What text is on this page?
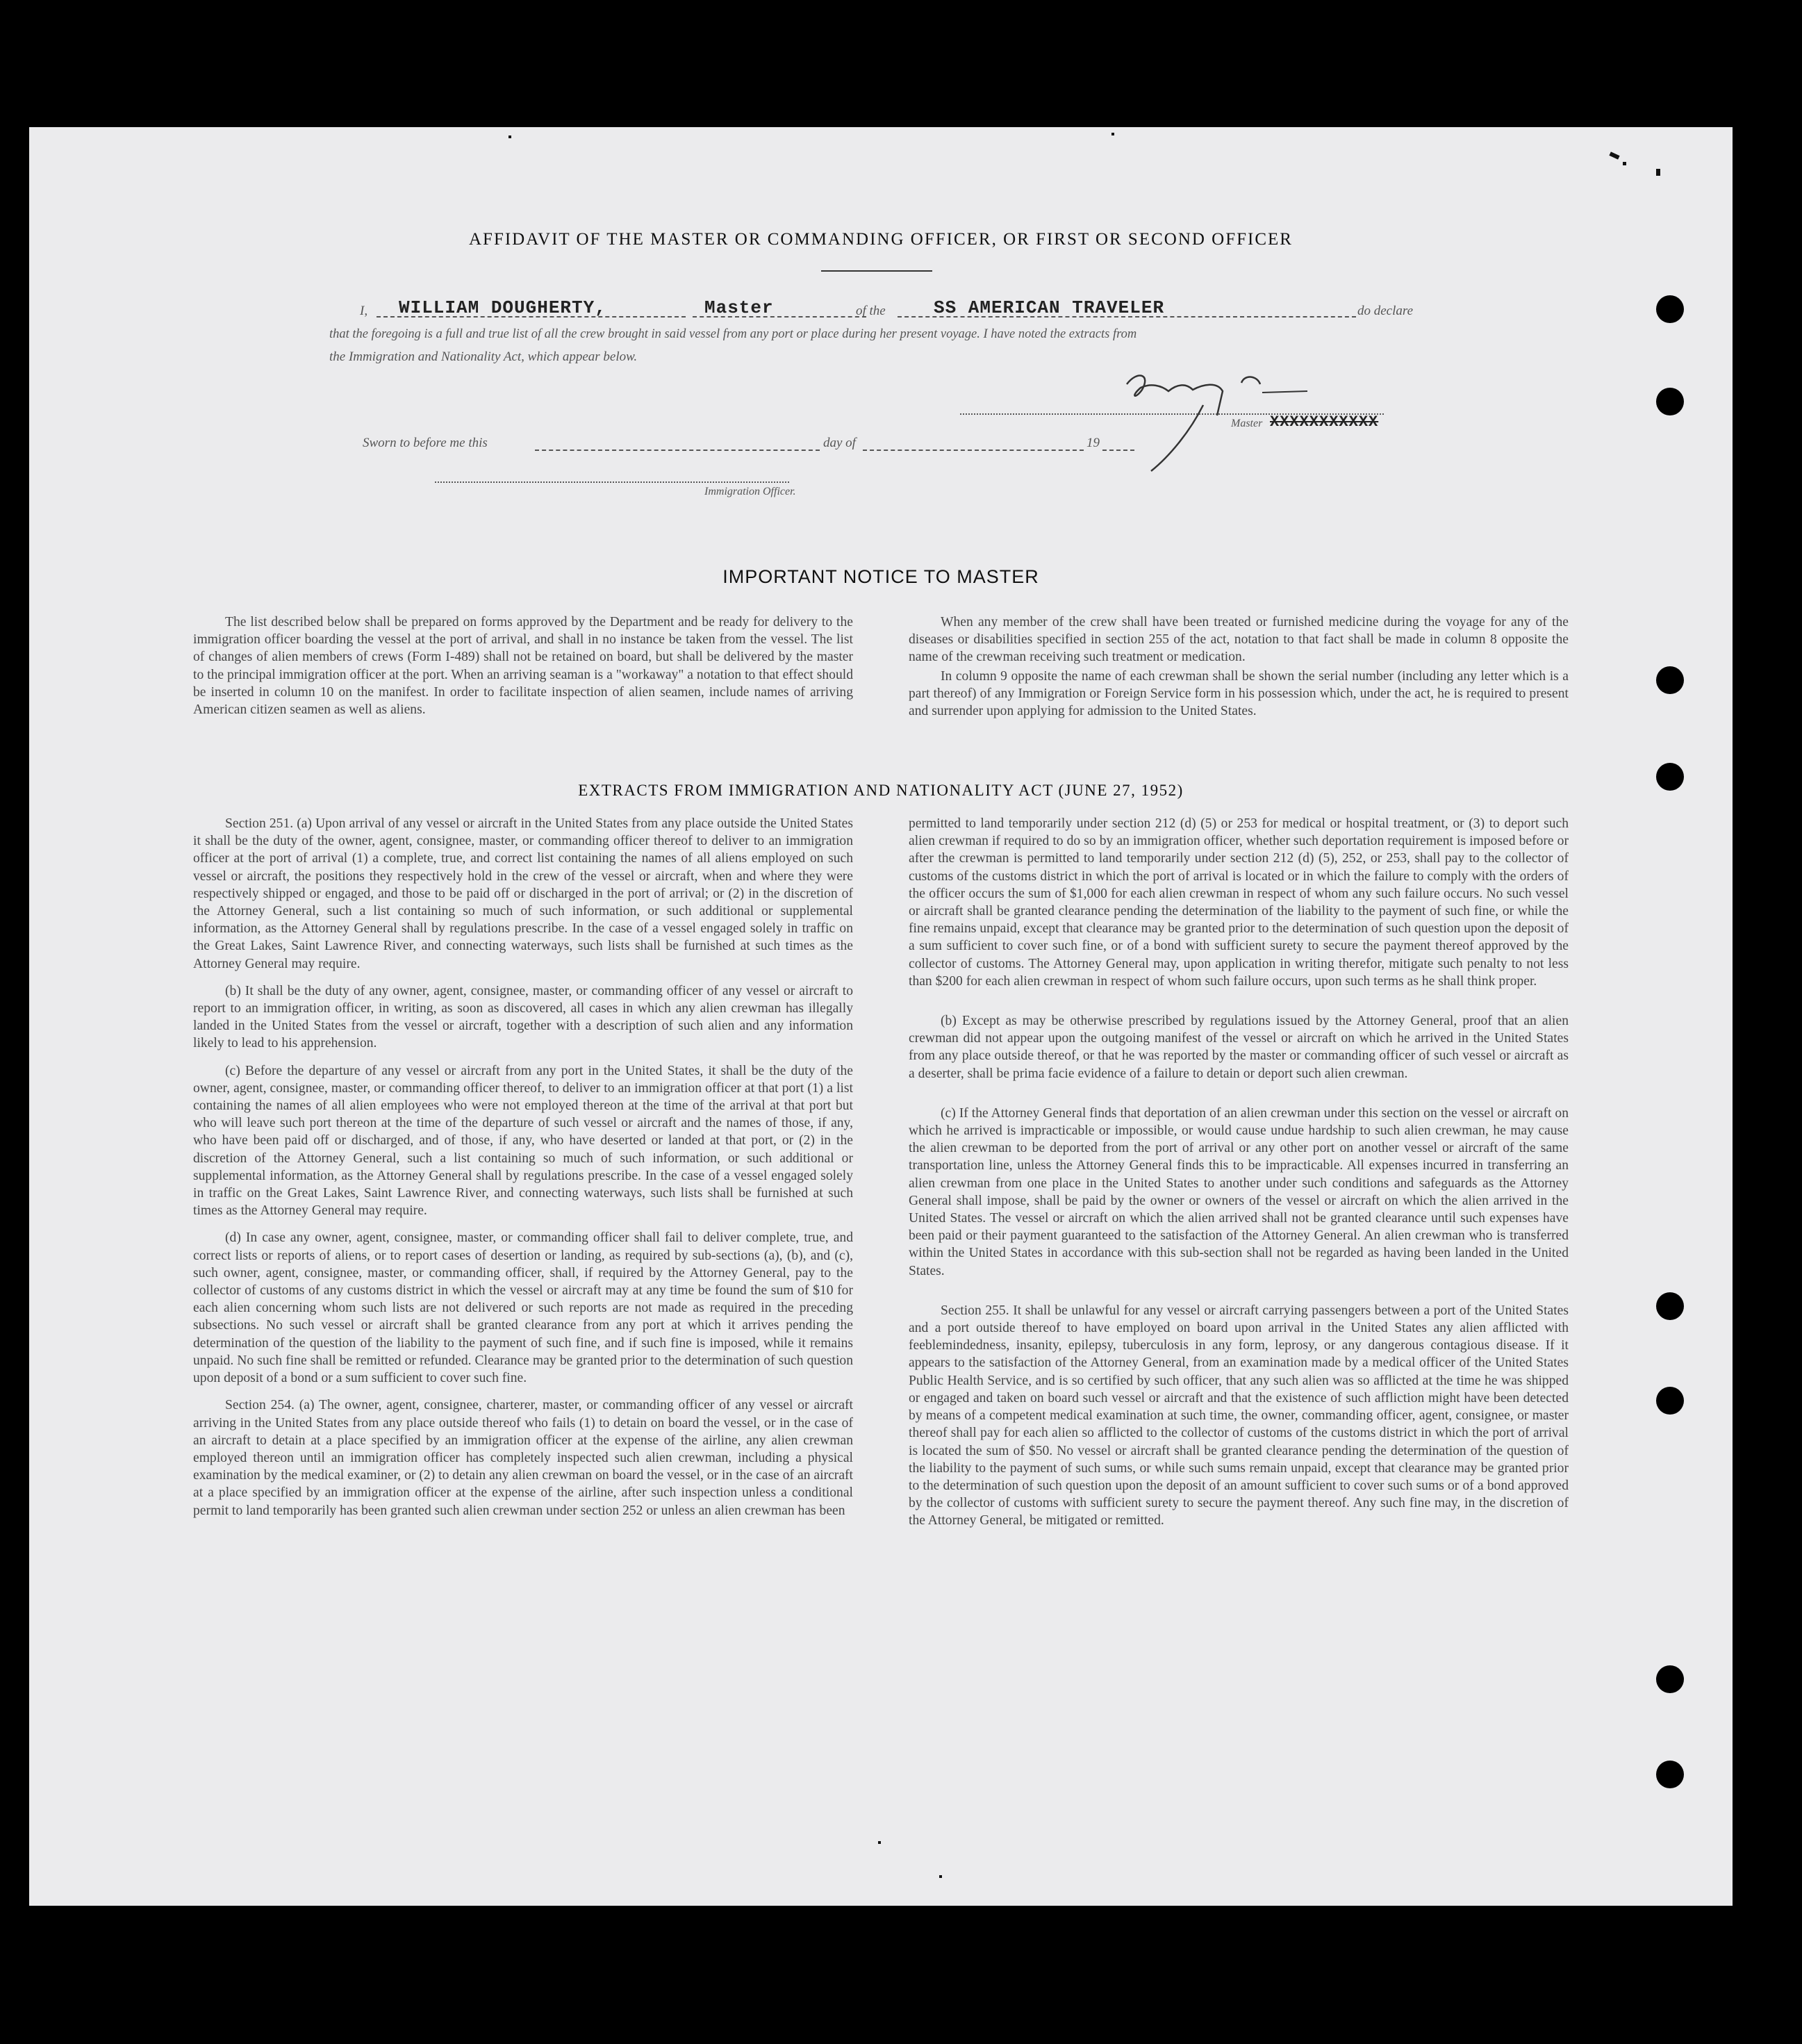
AFFIDAVIT OF THE MASTER OR COMMANDING OFFICER, OR FIRST OR SECOND OFFICER
I, WILLIAM DOUGHERTY,	Master	of the	SS AMERICAN TRAVELER	do declare
that the foregoing is a full and true list of all the crew brought in said vessel from any port or place during her present voyage. I have noted the extracts from
the Immigration and Nationality Act, which appear below.
Master XXXXXXXXXXX
Sworn to before me this	day of	19
Immigration Officer.
IMPORTANT NOTICE TO MASTER

The list described below shall be prepared on forms approved by the Department and be ready for delivery to the immigration officer boarding the vessel at the port of arrival, and shall in no instance be taken from the vessel. The list of changes of alien members of crews (Form I-489) shall not be retained on board, but shall be delivered by the master to the principal immigration officer at the port. When an arriving seaman is a "workaway" a notation to that effect should be inserted in column 10 on the manifest. In order to facilitate inspection of alien seamen, include names of arriving American citizen seamen as well as aliens.

When any member of the crew shall have been treated or furnished medicine during the voyage for any of the diseases or disabilities specified in section 255 of the act, notation to that fact shall be made in column 8 opposite the name of the crewman receiving such treatment or medication.

In column 9 opposite the name of each crewman shall be shown the serial number (including any letter which is a part thereof) of any Immigration or Foreign Service form in his possession which, under the act, he is required to present and surrender upon applying for admission to the United States.

EXTRACTS FROM IMMIGRATION AND NATIONALITY ACT (JUNE 27, 1952)

Section 251. (a) Upon arrival of any vessel or aircraft in the United States from any place outside the United States it shall be the duty of the owner, agent, consignee, master, or commanding officer thereof to deliver to an immigration officer at the port of arrival (1) a complete, true, and correct list containing the names of all aliens employed on such vessel or aircraft, the positions they respectively hold in the crew of the vessel or aircraft, when and where they were respectively shipped or engaged, and those to be paid off or discharged in the port of arrival; or (2) in the discretion of the Attorney General, such a list containing so much of such information, or such additional or supplemental information, as the Attorney General shall by regulations prescribe. In the case of a vessel engaged solely in traffic on the Great Lakes, Saint Lawrence River, and connecting waterways, such lists shall be furnished at such times as the Attorney General may require.

(b) It shall be the duty of any owner, agent, consignee, master, or commanding officer of any vessel or aircraft to report to an immigration officer, in writing, as soon as discovered, all cases in which any alien crewman has illegally landed in the United States from the vessel or aircraft, together with a description of such alien and any information likely to lead to his apprehension.

(c) Before the departure of any vessel or aircraft from any port in the United States, it shall be the duty of the owner, agent, consignee, master, or commanding officer thereof, to deliver to an immigration officer at that port (1) a list containing the names of all alien employees who were not employed thereon at the time of the arrival at that port but who will leave such port thereon at the time of the departure of such vessel or aircraft and the names of those, if any, who have been paid off or discharged, and of those, if any, who have deserted or landed at that port, or (2) in the discretion of the Attorney General, such a list containing so much of such information, or such additional or supplemental information, as the Attorney General shall by regulations prescribe. In the case of a vessel engaged solely in traffic on the Great Lakes, Saint Lawrence River, and connecting waterways, such lists shall be furnished at such times as the Attorney General may require.

(d) In case any owner, agent, consignee, master, or commanding officer shall fail to deliver complete, true, and correct lists or reports of aliens, or to report cases of desertion or landing, as required by sub-sections (a), (b), and (c), such owner, agent, consignee, master, or commanding officer, shall, if required by the Attorney General, pay to the collector of customs of any customs district in which the vessel or aircraft may at any time be found the sum of $10 for each alien concerning whom such lists are not delivered or such reports are not made as required in the preceding subsections. No such vessel or aircraft shall be granted clearance from any port at which it arrives pending the determination of the question of the liability to the payment of such fine, and if such fine is imposed, while it remains unpaid. No such fine shall be remitted or refunded. Clearance may be granted prior to the determination of such question upon deposit of a bond or a sum sufficient to cover such fine.

Section 254. (a) The owner, agent, consignee, charterer, master, or commanding officer of any vessel or aircraft arriving in the United States from any place outside thereof who fails (1) to detain on board the vessel, or in the case of an aircraft to detain at a place specified by an immigration officer at the expense of the airline, any alien crewman employed thereon until an immigration officer has completely inspected such alien crewman, including a physical examination by the medical examiner, or (2) to detain any alien crewman on board the vessel, or in the case of an aircraft at a place specified by an immigration officer at the expense of the airline, after such inspection unless a conditional permit to land temporarily has been granted such alien crewman under section 252 or unless an alien crewman has been

permitted to land temporarily under section 212 (d) (5) or 253 for medical or hospital treatment, or (3) to deport such alien crewman if required to do so by an immigration officer, whether such deportation requirement is imposed before or after the crewman is permitted to land temporarily under section 212 (d) (5), 252, or 253, shall pay to the collector of customs of the customs district in which the port of arrival is located or in which the failure to comply with the orders of the officer occurs the sum of $1,000 for each alien crewman in respect of whom any such failure occurs. No such vessel or aircraft shall be granted clearance pending the determination of the liability to the payment of such fine, or while the fine remains unpaid, except that clearance may be granted prior to the determination of such question upon the deposit of a sum sufficient to cover such fine, or of a bond with sufficient surety to secure the payment thereof approved by the collector of customs. The Attorney General may, upon application in writing therefor, mitigate such penalty to not less than $200 for each alien crewman in respect of whom such failure occurs, upon such terms as he shall think proper.

(b) Except as may be otherwise prescribed by regulations issued by the Attorney General, proof that an alien crewman did not appear upon the outgoing manifest of the vessel or aircraft on which he arrived in the United States from any place outside thereof, or that he was reported by the master or commanding officer of such vessel or aircraft as a deserter, shall be prima facie evidence of a failure to detain or deport such alien crewman.

(c) If the Attorney General finds that deportation of an alien crewman under this section on the vessel or aircraft on which he arrived is impracticable or impossible, or would cause undue hardship to such alien crewman, he may cause the alien crewman to be deported from the port of arrival or any other port on another vessel or aircraft of the same transportation line, unless the Attorney General finds this to be impracticable. All expenses incurred in transferring an alien crewman from one place in the United States to another under such conditions and safeguards as the Attorney General shall impose, shall be paid by the owner or owners of the vessel or aircraft on which the alien arrived in the United States. The vessel or aircraft on which the alien arrived shall not be granted clearance until such expenses have been paid or their payment guaranteed to the satisfaction of the Attorney General. An alien crewman who is transferred within the United States in accordance with this sub-section shall not be regarded as having been landed in the United States.

Section 255. It shall be unlawful for any vessel or aircraft carrying passengers between a port of the United States and a port outside thereof to have employed on board upon arrival in the United States any alien afflicted with feeblemindedness, insanity, epilepsy, tuberculosis in any form, leprosy, or any dangerous contagious disease. If it appears to the satisfaction of the Attorney General, from an examination made by a medical officer of the United States Public Health Service, and is so certified by such officer, that any such alien was so afflicted at the time he was shipped or engaged and taken on board such vessel or aircraft and that the existence of such affliction might have been detected by means of a competent medical examination at such time, the owner, commanding officer, agent, consignee, or master thereof shall pay for each alien so afflicted to the collector of customs of the customs district in which the port of arrival is located the sum of $50. No vessel or aircraft shall be granted clearance pending the determination of the question of the liability to the payment of such sums, or while such sums remain unpaid, except that clearance may be granted prior to the determination of such question upon the deposit of an amount sufficient to cover such sums or of a bond approved by the collector of customs with sufficient surety to secure the payment thereof. Any such fine may, in the discretion of the Attorney General, be mitigated or remitted.
